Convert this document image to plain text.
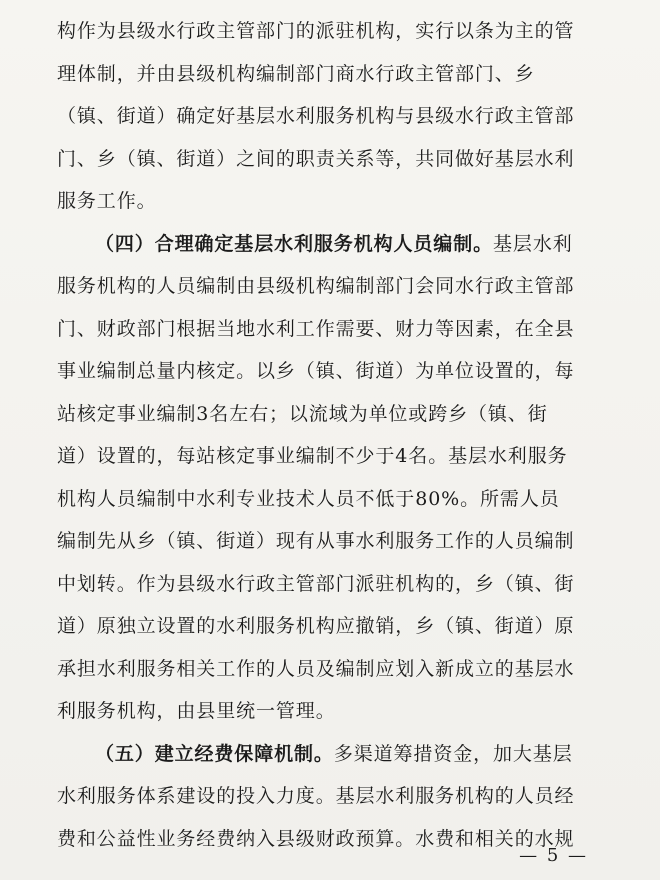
构作为县级水行政主管部门的派驻机构，实行以条为主的管
理体制，并由县级机构编制部门商水行政主管部门、乡
（镇、街道）确定好基层水利服务机构与县级水行政主管部
门、乡（镇、街道）之间的职责关系等，共同做好基层水利
服务工作。
（四）合理确定基层水利服务机构人员编制。基层水利
服务机构的人员编制由县级机构编制部门会同水行政主管部
门、财政部门根据当地水利工作需要、财力等因素，在全县
事业编制总量内核定。以乡（镇、街道）为单位设置的，每
站核定事业编制3名左右；以流域为单位或跨乡（镇、街
道）设置的，每站核定事业编制不少于4名。基层水利服务
机构人员编制中水利专业技术人员不低于80%。所需人员
编制先从乡（镇、街道）现有从事水利服务工作的人员编制
中划转。作为县级水行政主管部门派驻机构的，乡（镇、街
道）原独立设置的水利服务机构应撤销，乡（镇、街道）原
承担水利服务相关工作的人员及编制应划入新成立的基层水
利服务机构，由县里统一管理。
（五）建立经费保障机制。多渠道筹措资金，加大基层
水利服务体系建设的投入力度。基层水利服务机构的人员经
费和公益性业务经费纳入县级财政预算。水费和相关的水规
— 5 —
